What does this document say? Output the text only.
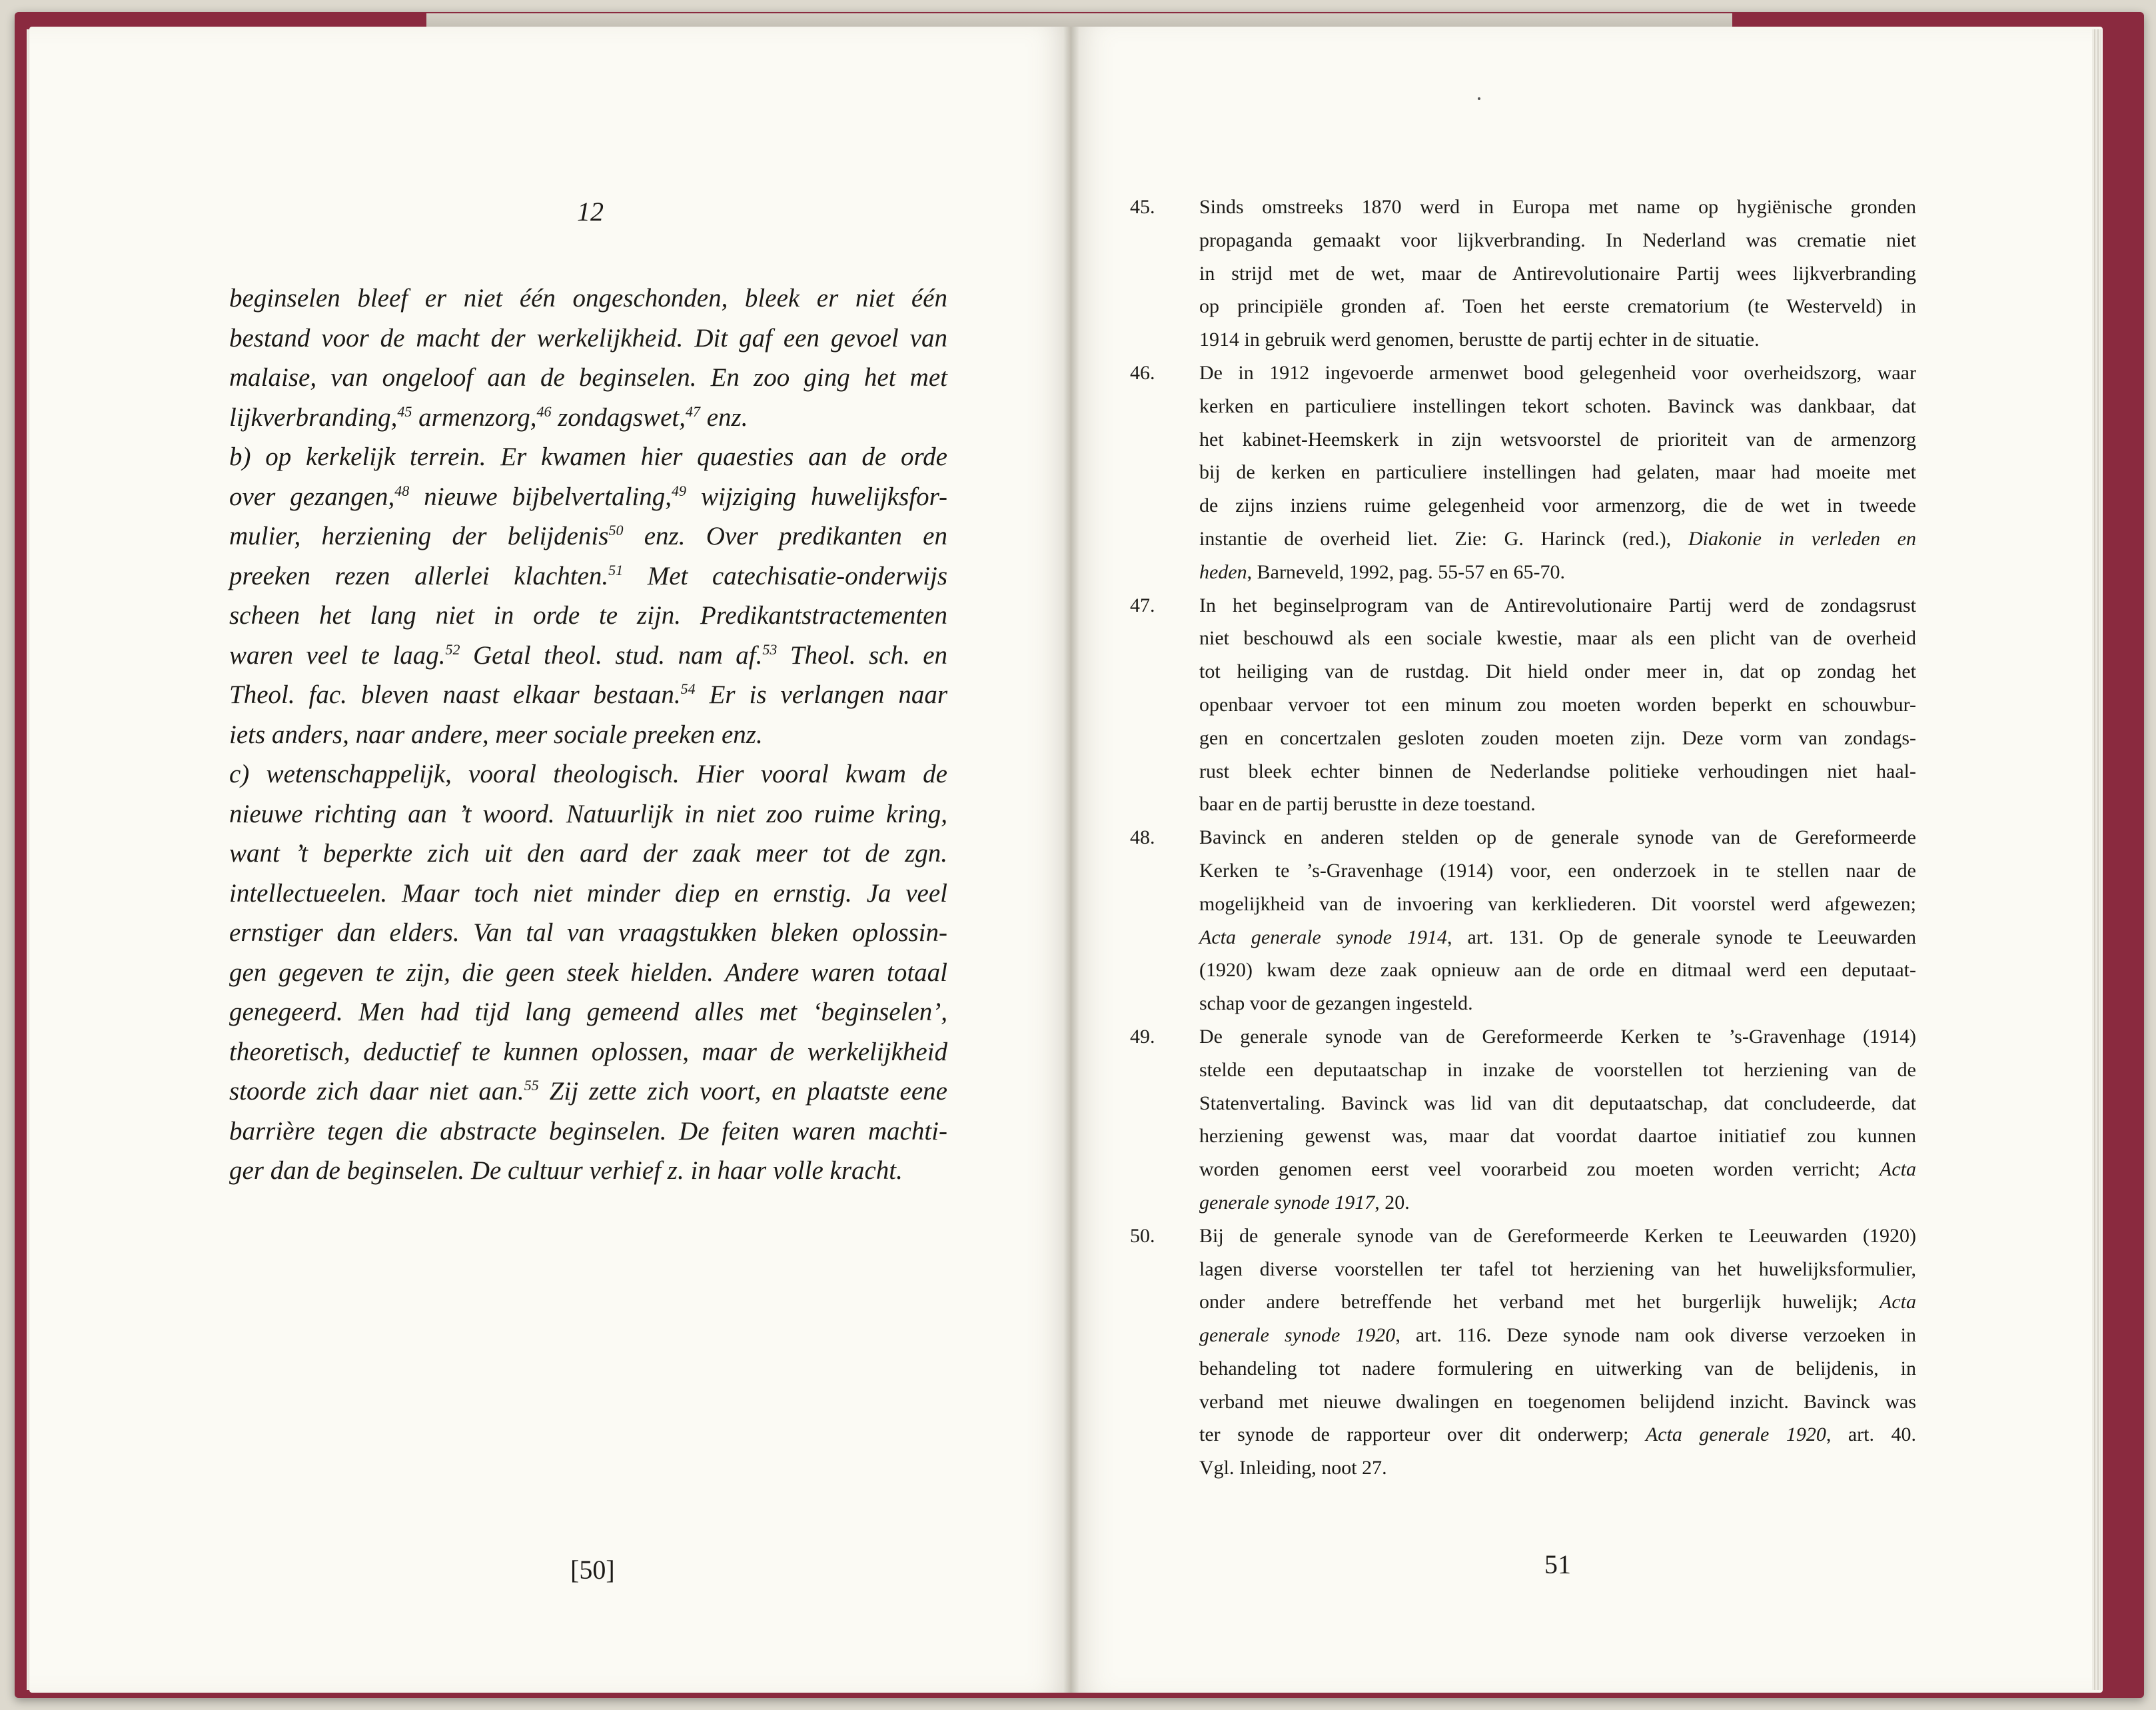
12
beginselen bleef er niet één ongeschonden, bleek er niet één
bestand voor de macht der werkelijkheid. Dit gaf een gevoel van
malaise, van ongeloof aan de beginselen. En zoo ging het met
lijkverbranding,$^{45}$ armenzorg,$^{46}$ zondagswet,$^{47}$ enz.
b) op kerkelijk terrein. Er kwamen hier quaesties aan de orde
over gezangen,$^{48}$ nieuwe bijbelvertaling,$^{49}$ wijziging huwelijksfor-
mulier, herziening der belijdenis$^{50}$ enz. Over predikanten en
preeken rezen allerlei klachten.$^{51}$ Met catechisatie-onderwijs
scheen het lang niet in orde te zijn. Predikantstractementen
waren veel te laag.$^{52}$ Getal theol. stud. nam af.$^{53}$ Theol. sch. en
Theol. fac. bleven naast elkaar bestaan.$^{54}$ Er is verlangen naar
iets anders, naar andere, meer sociale preeken enz.
c) wetenschappelijk, vooral theologisch. Hier vooral kwam de
nieuwe richting aan ’t woord. Natuurlijk in niet zoo ruime kring,
want ’t beperkte zich uit den aard der zaak meer tot de zgn.
intellectueelen. Maar toch niet minder diep en ernstig. Ja veel
ernstiger dan elders. Van tal van vraagstukken bleken oplossin-
gen gegeven te zijn, die geen steek hielden. Andere waren totaal
genegeerd. Men had tijd lang gemeend alles met ‘beginselen’,
theoretisch, deductief te kunnen oplossen, maar de werkelijkheid
stoorde zich daar niet aan.$^{55}$ Zij zette zich voort, en plaatste eene
barrière tegen die abstracte beginselen. De feiten waren machti-
ger dan de beginselen. De cultuur verhief z. in haar volle kracht.
[50]
45. Sinds omstreeks 1870 werd in Europa met name op hygiënische gronden
propaganda gemaakt voor lijkverbranding. In Nederland was crematie niet
in strijd met de wet, maar de Antirevolutionaire Partij wees lijkverbranding
op principiële gronden af. Toen het eerste crematorium (te Westerveld) in
1914 in gebruik werd genomen, berustte de partij echter in de situatie.
46. De in 1912 ingevoerde armenwet bood gelegenheid voor overheidszorg, waar
kerken en particuliere instellingen tekort schoten. Bavinck was dankbaar, dat
het kabinet-Heemskerk in zijn wetsvoorstel de prioriteit van de armenzorg
bij de kerken en particuliere instellingen had gelaten, maar had moeite met
de zijns inziens ruime gelegenheid voor armenzorg, die de wet in tweede
instantie de overheid liet. Zie: G. Harinck (red.), Diakonie in verleden en
heden, Barneveld, 1992, pag. 55-57 en 65-70.
47. In het beginselprogram van de Antirevolutionaire Partij werd de zondagsrust
niet beschouwd als een sociale kwestie, maar als een plicht van de overheid
tot heiliging van de rustdag. Dit hield onder meer in, dat op zondag het
openbaar vervoer tot een minum zou moeten worden beperkt en schouwbur-
gen en concertzalen gesloten zouden moeten zijn. Deze vorm van zondags-
rust bleek echter binnen de Nederlandse politieke verhoudingen niet haal-
baar en de partij berustte in deze toestand.
48. Bavinck en anderen stelden op de generale synode van de Gereformeerde
Kerken te ’s-Gravenhage (1914) voor, een onderzoek in te stellen naar de
mogelijkheid van de invoering van kerkliederen. Dit voorstel werd afgewezen;
Acta generale synode 1914, art. 131. Op de generale synode te Leeuwarden
(1920) kwam deze zaak opnieuw aan de orde en ditmaal werd een deputaat-
schap voor de gezangen ingesteld.
49. De generale synode van de Gereformeerde Kerken te ’s-Gravenhage (1914)
stelde een deputaatschap in inzake de voorstellen tot herziening van de
Statenvertaling. Bavinck was lid van dit deputaatschap, dat concludeerde, dat
herziening gewenst was, maar dat voordat daartoe initiatief zou kunnen
worden genomen eerst veel voorarbeid zou moeten worden verricht; Acta
generale synode 1917, 20.
50. Bij de generale synode van de Gereformeerde Kerken te Leeuwarden (1920)
lagen diverse voorstellen ter tafel tot herziening van het huwelijksformulier,
onder andere betreffende het verband met het burgerlijk huwelijk; Acta
generale synode 1920, art. 116. Deze synode nam ook diverse verzoeken in
behandeling tot nadere formulering en uitwerking van de belijdenis, in
verband met nieuwe dwalingen en toegenomen belijdend inzicht. Bavinck was
ter synode de rapporteur over dit onderwerp; Acta generale 1920, art. 40.
Vgl. Inleiding, noot 27.
51
